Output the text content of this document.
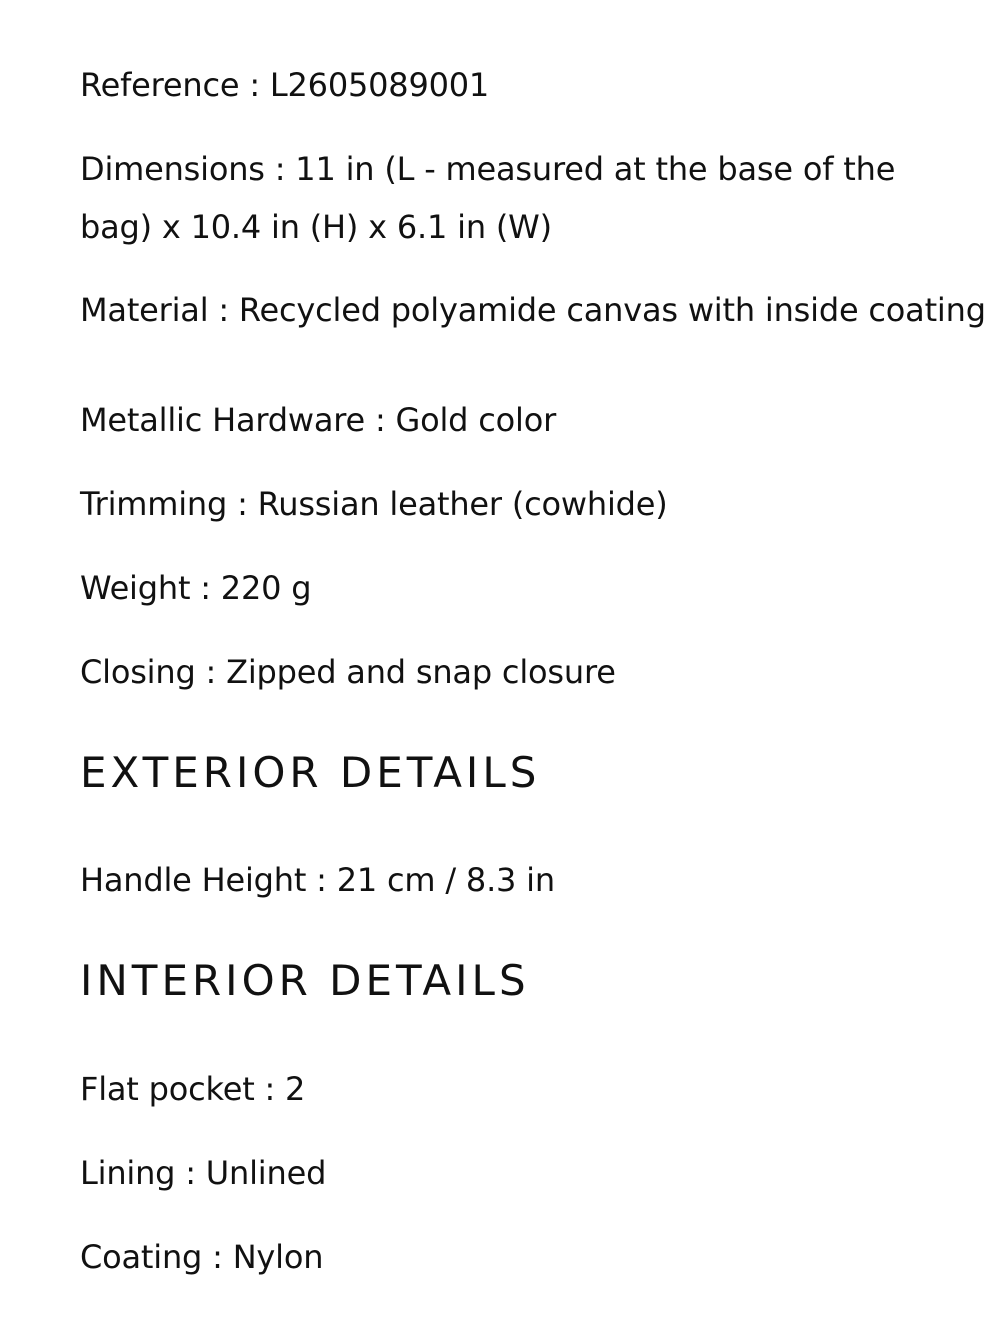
Reference : L2605089001
Dimensions : 11 in (L - measured at the base of the bag) x 10.4 in (H) x 6.1 in (W)
Material : Recycled polyamide canvas with inside coating
Metallic Hardware : Gold color
Trimming : Russian leather (cowhide)
Weight : 220 g
Closing : Zipped and snap closure
EXTERIOR DETAILS
Handle Height : 21 cm / 8.3 in
INTERIOR DETAILS
Flat pocket : 2
Lining : Unlined
Coating : Nylon
